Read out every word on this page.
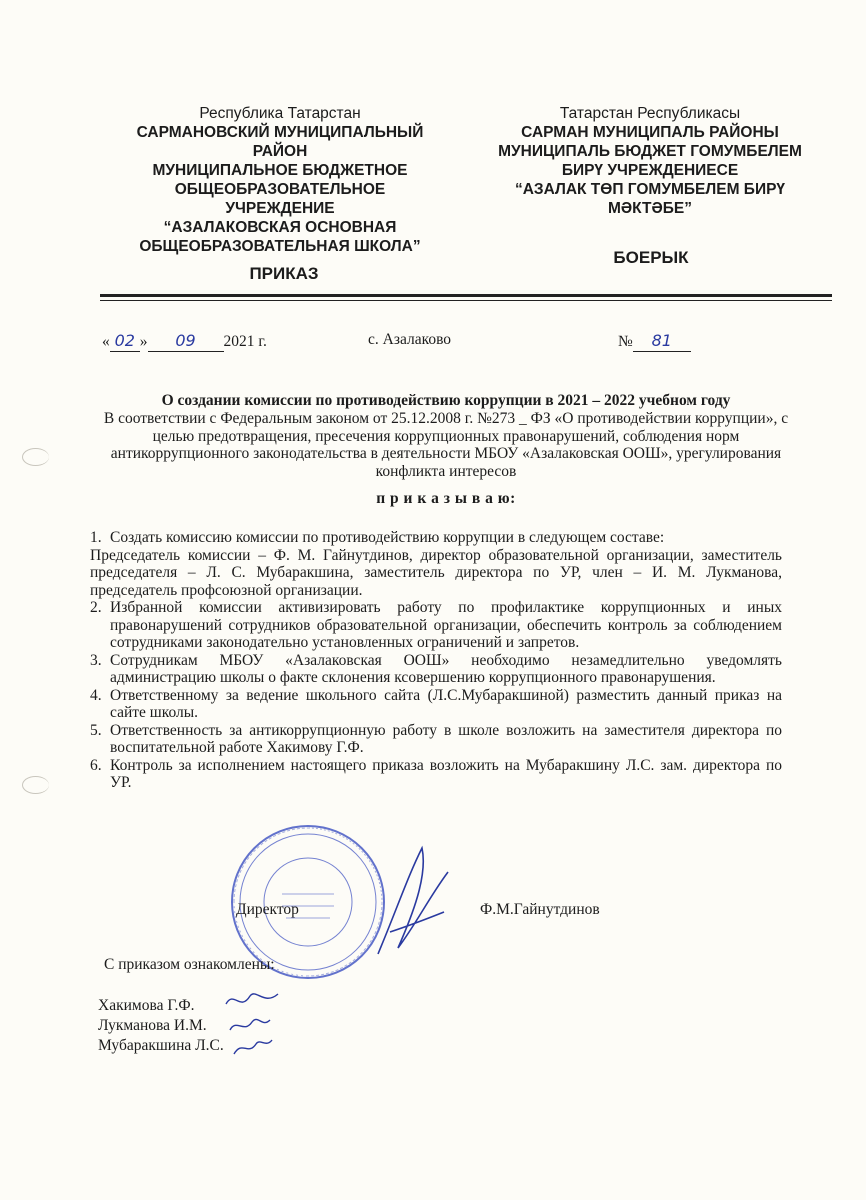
Республика Татарстан
САРМАНОВСКИЙ МУНИЦИПАЛЬНЫЙ
РАЙОН
МУНИЦИПАЛЬНОЕ БЮДЖЕТНОЕ
ОБЩЕОБРАЗОВАТЕЛЬНОЕ
УЧРЕЖДЕНИЕ
“АЗАЛАКОВСКАЯ ОСНОВНАЯ
ОБЩЕОБРАЗОВАТЕЛЬНАЯ ШКОЛА”
ПРИКАЗ
Татарстан Республикасы
САРМАН МУНИЦИПАЛЬ РАЙОНЫ
МУНИЦИПАЛЬ БЮДЖЕТ ГОМУМБЕЛЕМ
БИРҮ УЧРЕЖДЕНИЕСЕ
“АЗАЛАК ТӨП ГОМУМБЕЛЕМ БИРҮ
МӘКТӘБЕ”
БОЕРЫК
« 02 » 09 2021 г.	с. Азалаково	№ 81
О создании комиссии по противодействию коррупции в 2021 – 2022 учебном году
В соответствии с Федеральным законом от 25.12.2008 г. №273 _ ФЗ «О противодействии коррупции», с целью предотвращения, пресечения коррупционных правонарушений, соблюдения норм антикоррупционного законодательства в деятельности МБОУ «Азалаковская ООШ», урегулирования конфликта интересов
п р и к а з ы в а ю:
1. Создать комиссию комиссии по противодействию коррупции в следующем составе:
Председатель комиссии – Ф. М. Гайнутдинов, директор образовательной организации, заместитель председателя – Л. С. Мубаракшина, заместитель директора по УР, член – И. М. Лукманова, председатель профсоюзной организации.
2. Избранной комиссии активизировать работу по профилактике коррупционных и иных правонарушений сотрудников образовательной организации, обеспечить контроль за соблюдением сотрудниками законодательно установленных ограничений и запретов.
3. Сотрудникам МБОУ «Азалаковская ООШ» необходимо незамедлительно уведомлять администрацию школы о факте склонения ксовершению коррупционного правонарушения.
4. Ответственному за ведение школьного сайта (Л.С.Мубаракшиной) разместить данный приказ на сайте школы.
5. Ответственность за антикоррупционную работу в школе возложить на заместителя директора по воспитательной работе Хакимову Г.Ф.
6. Контроль за исполнением настоящего приказа возложить на Мубаракшину Л.С. зам. директора по УР.
Директор	Ф.М.Гайнутдинов
С приказом ознакомлены:
Хакимова Г.Ф.
Лукманова И.М.
Мубаракшина Л.С.
